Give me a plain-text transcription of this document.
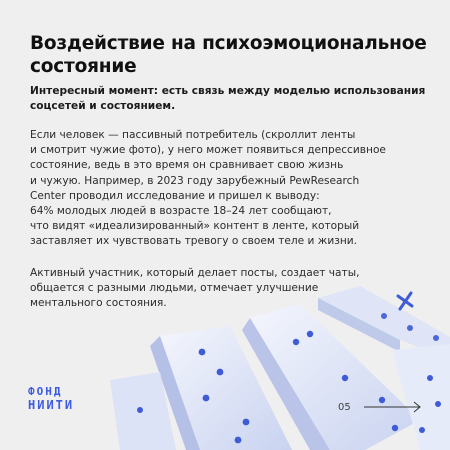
Воздействие на психоэмоциональное состояние

Интересный момент: есть связь между моделью использования соцсетей и состоянием.

Если человек — пассивный потребитель (скроллит ленты
и смотрит чужие фото), у него может появиться депрессивное
состояние, ведь в это время он сравнивает свою жизнь
и чужую. Например, в 2023 году зарубежный PewResearch
Center проводил исследование и пришел к выводу:
64% молодых людей в возрасте 18–24 лет сообщают,
что видят «идеализированный» контент в ленте, который
заставляет их чувствовать тревогу о своем теле и жизни.

Активный участник, который делает посты, создает чаты,
общается с разными людьми, отмечает улучшение
ментального состояния.

ФОНД
НИИТИ	05
